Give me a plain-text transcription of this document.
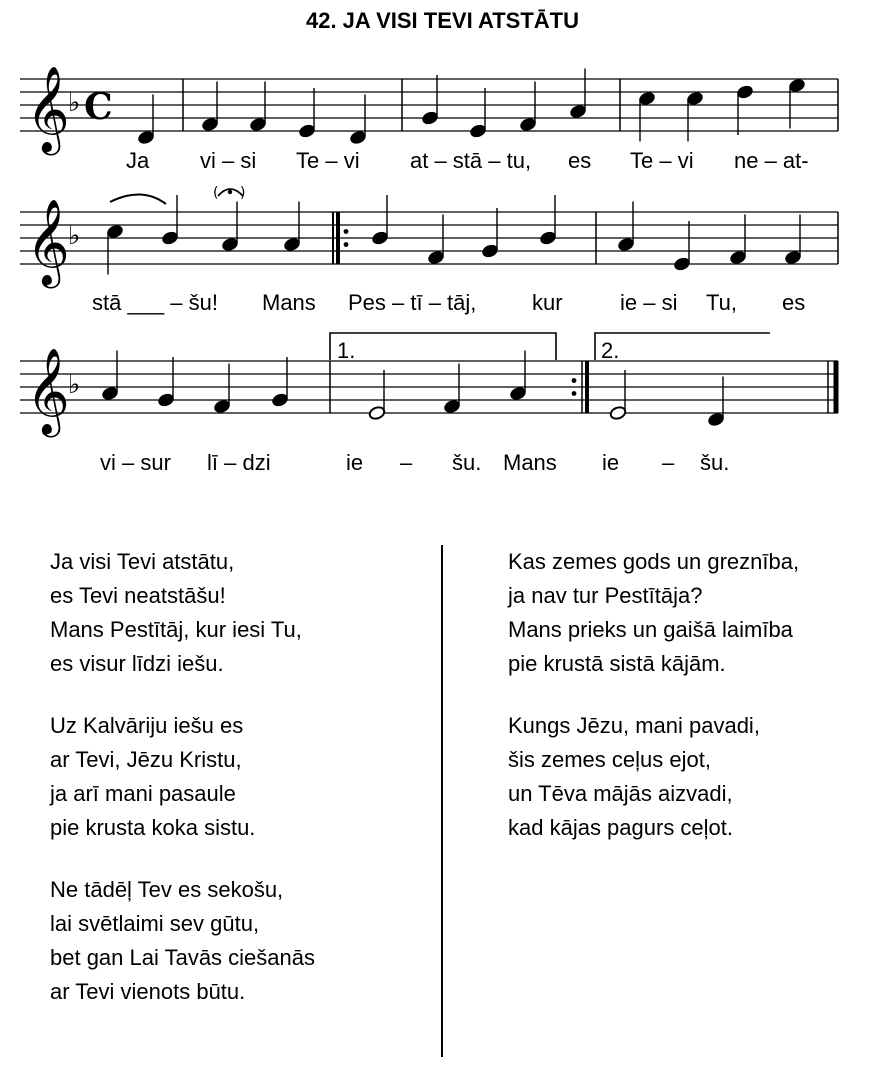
42. JA VISI TEVI ATSTĀTU
𝄞
♭
𝄞
♭
𝄞
♭
C
( )
1.	2.
Ja vi – si Te – vi at – stā – tu, es Te – vi ne – at-
stā ___ – šu! Mans Pes – tī – tāj,	kur	ie – si Tu, es
vi – sur lī – dzi	ie – šu. Mans ie – šu.
Ja visi Tevi atstātu,
es Tevi neatstāšu!
Mans Pestītāj, kur iesi Tu,
es visur līdzi iešu.
Uz Kalvāriju iešu es
ar Tevi, Jēzu Kristu,
ja arī mani pasaule
pie krusta koka sistu.
Ne tādēļ Tev es sekošu,
lai svētlaimi sev gūtu,
bet gan Lai Tavās ciešanās
ar Tevi vienots būtu.
Kas zemes gods un greznība,
ja nav tur Pestītāja?
Mans prieks un gaišā laimība
pie krustā sistā kājām.
Kungs Jēzu, mani pavadi,
šis zemes ceļus ejot,
un Tēva mājās aizvadi,
kad kājas pagurs ceļot.
